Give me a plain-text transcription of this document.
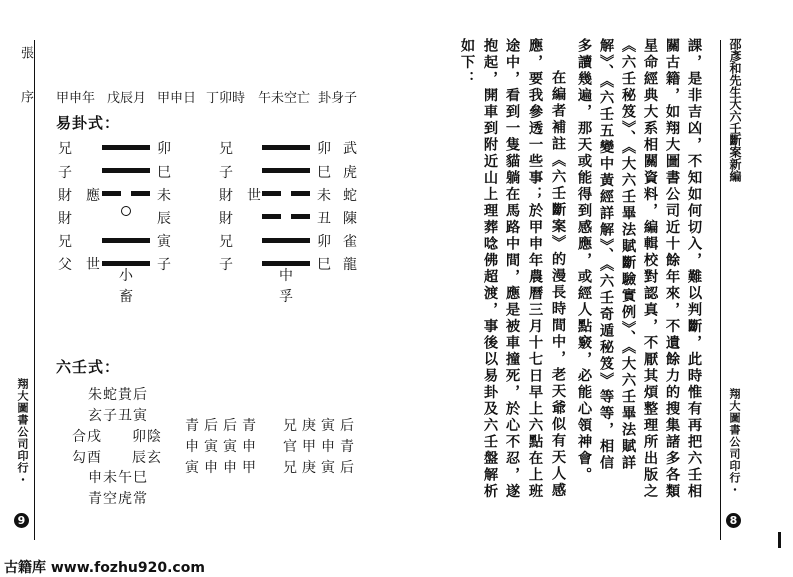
張 序 甲申年 戊辰月 甲申日 丁卯時 午未空亡 卦身子
易卦式：
兄
子
財　應
財
兄
父　世
卯
巳
未
辰
寅
子
小
畜
兄
子
財　世
財
兄
子
卯
巳
未
丑
卯
巳
武
虎
蛇
陳
雀
龍
中
孚
六壬式：
朱蛇貴后
玄子丑寅
合戌　　卯陰
勾酉　　辰玄
申未午巳
青空虎常
青后后青
申寅寅申
寅申申甲
兄庚寅后
官甲申青
兄庚寅后
翔大圖書公司印行・
9
邵彥和先生大六壬斷案新編
課，是非吉凶，不知如何切入，難以判斷，此時惟有再把六壬相
關古籍，如翔大圖書公司近十餘年來，不遺餘力的搜集諸多各類
星命經典大系相關資料，編輯校對認真，不厭其煩整理所出版之
《六壬秘笈》、《大六壬畢法賦斷驗實例》、《大六壬畢法賦詳
解》、《六壬五變中黃經詳解》、《六壬奇遁秘笈》等等，相信
多讀幾遍，那天或能得到感應，或經人點竅，必能心領神會。
在編者補註《六壬斷案》的漫長時間中，老天爺似有天人感
應，要我參透一些事；於甲申年農曆三月十七日早上六點在上班
途中，看到一隻貓躺在馬路中間，應是被車撞死，於心不忍，遂
抱起，開車到附近山上理葬唸佛超渡，事後以易卦及六壬盤解析
如下：
翔大圖書公司印行・
8
古籍库 www.fozhu920.com
